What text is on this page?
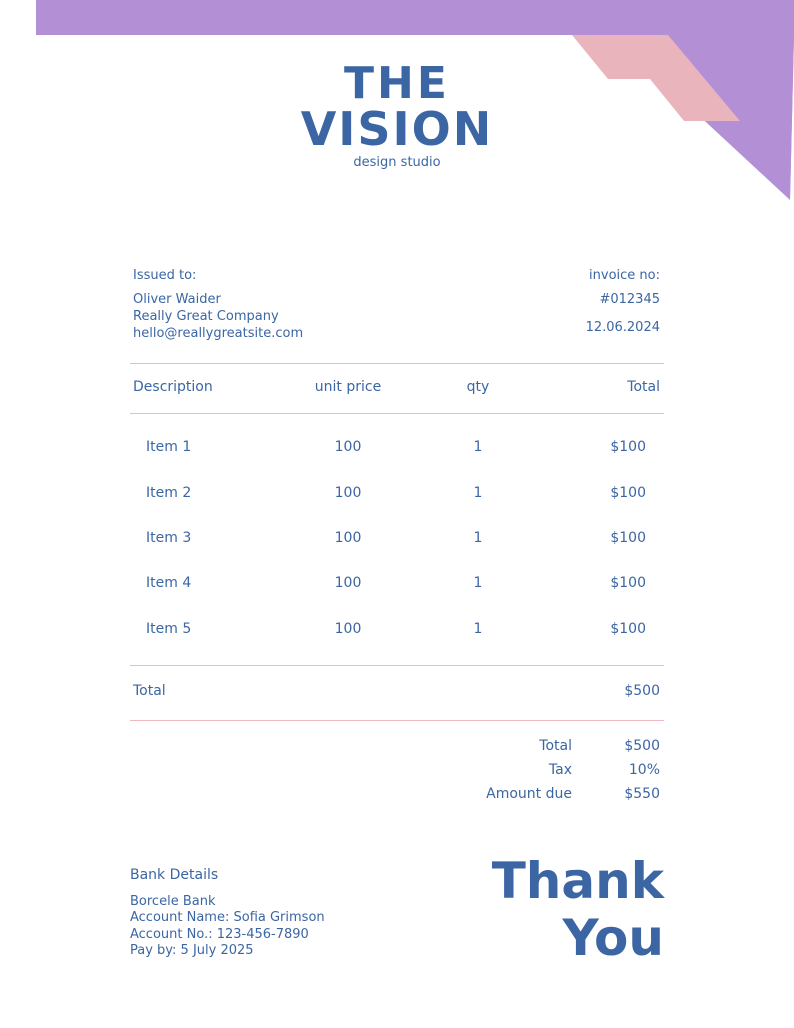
THE
VISION
design studio
Issued to:
Oliver Waider
Really Great Company
hello@reallygreatsite.com
invoice no:
#012345
12.06.2024
Description	unit price	qty	Total
Item 1	100	1	$100
Item 2	100	1	$100
Item 3	100	1	$100
Item 4	100	1	$100
Item 5	100	1	$100
Total	$500
Total	$500
Tax	10%
Amount due	$550
Bank Details
Borcele Bank
Account Name: Sofia Grimson
Account No.: 123-456-7890
Pay by: 5 July 2025
Thank
You
